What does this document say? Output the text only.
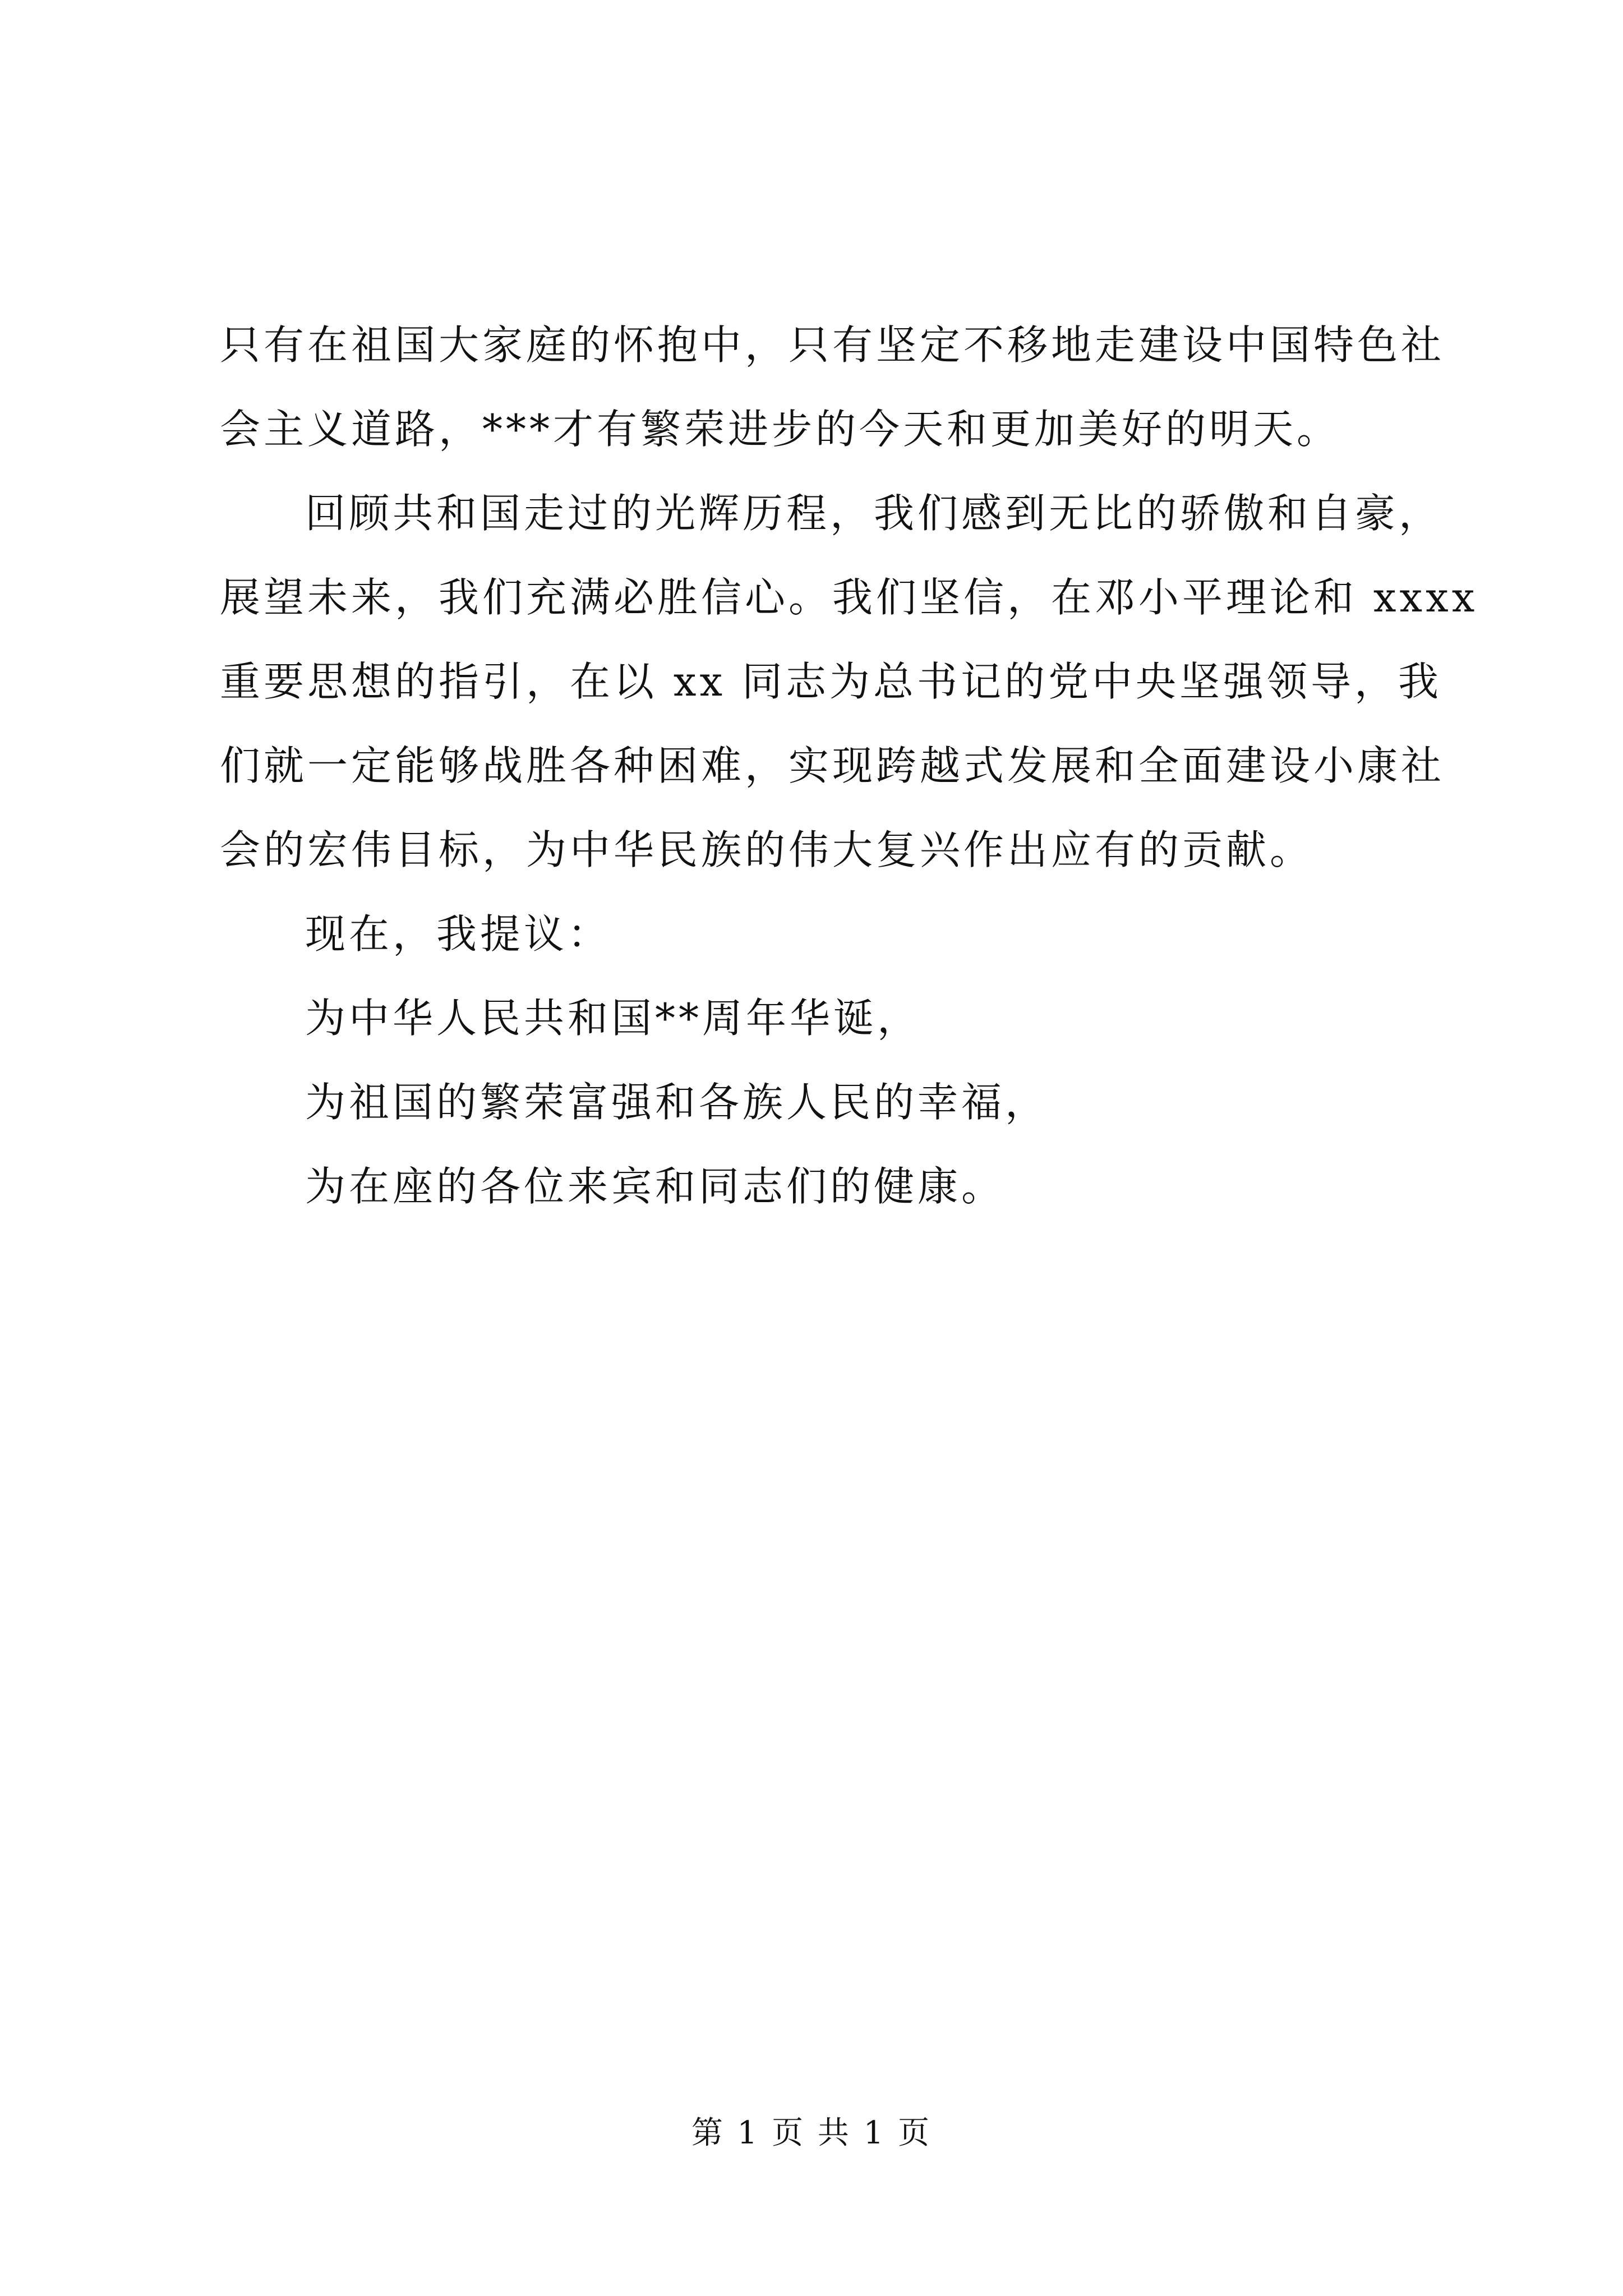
只有在祖国大家庭的怀抱中，只有坚定不移地走建设中国特色社
会主义道路，***才有繁荣进步的今天和更加美好的明天。
回顾共和国走过的光辉历程，我们感到无比的骄傲和自豪，
展望未来，我们充满必胜信心。我们坚信，在邓小平理论和 xxxx
重要思想的指引，在以 xx 同志为总书记的党中央坚强领导，我
们就一定能够战胜各种困难，实现跨越式发展和全面建设小康社
会的宏伟目标，为中华民族的伟大复兴作出应有的贡献。
现在，我提议：
为中华人民共和国**周年华诞，
为祖国的繁荣富强和各族人民的幸福，
为在座的各位来宾和同志们的健康。
第 1 页 共 1 页
